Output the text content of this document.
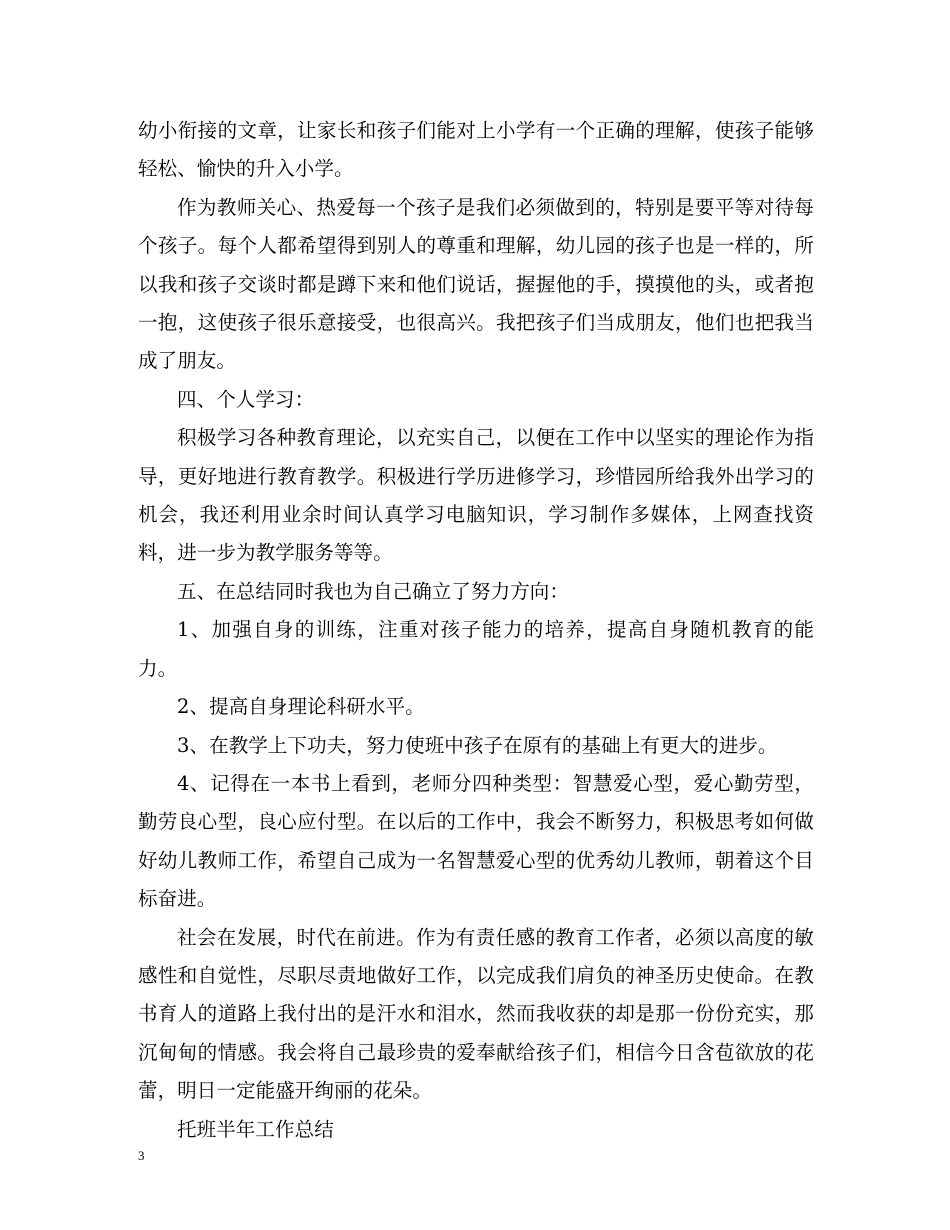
幼小衔接的文章，让家长和孩子们能对上小学有一个正确的理解，使孩子能够轻松、愉快的升入小学。

作为教师关心、热爱每一个孩子是我们必须做到的，特别是要平等对待每个孩子。每个人都希望得到别人的尊重和理解，幼儿园的孩子也是一样的，所以我和孩子交谈时都是蹲下来和他们说话，握握他的手，摸摸他的头，或者抱一抱，这使孩子很乐意接受，也很高兴。我把孩子们当成朋友，他们也把我当成了朋友。

四、个人学习：

积极学习各种教育理论，以充实自己，以便在工作中以坚实的理论作为指导，更好地进行教育教学。积极进行学历进修学习，珍惜园所给我外出学习的机会，我还利用业余时间认真学习电脑知识，学习制作多媒体，上网查找资料，进一步为教学服务等等。

五、在总结同时我也为自己确立了努力方向：

1、加强自身的训练，注重对孩子能力的培养，提高自身随机教育的能力。

2、提高自身理论科研水平。

3、在教学上下功夫，努力使班中孩子在原有的基础上有更大的进步。

4、记得在一本书上看到，老师分四种类型：智慧爱心型，爱心勤劳型，勤劳良心型，良心应付型。在以后的工作中，我会不断努力，积极思考如何做好幼儿教师工作，希望自己成为一名智慧爱心型的优秀幼儿教师，朝着这个目标奋进。

社会在发展，时代在前进。作为有责任感的教育工作者，必须以高度的敏感性和自觉性，尽职尽责地做好工作，以完成我们肩负的神圣历史使命。在教书育人的道路上我付出的是汗水和泪水，然而我收获的却是那一份份充实，那沉甸甸的情感。我会将自己最珍贵的爱奉献给孩子们，相信今日含苞欲放的花蕾，明日一定能盛开绚丽的花朵。

托班半年工作总结

3
